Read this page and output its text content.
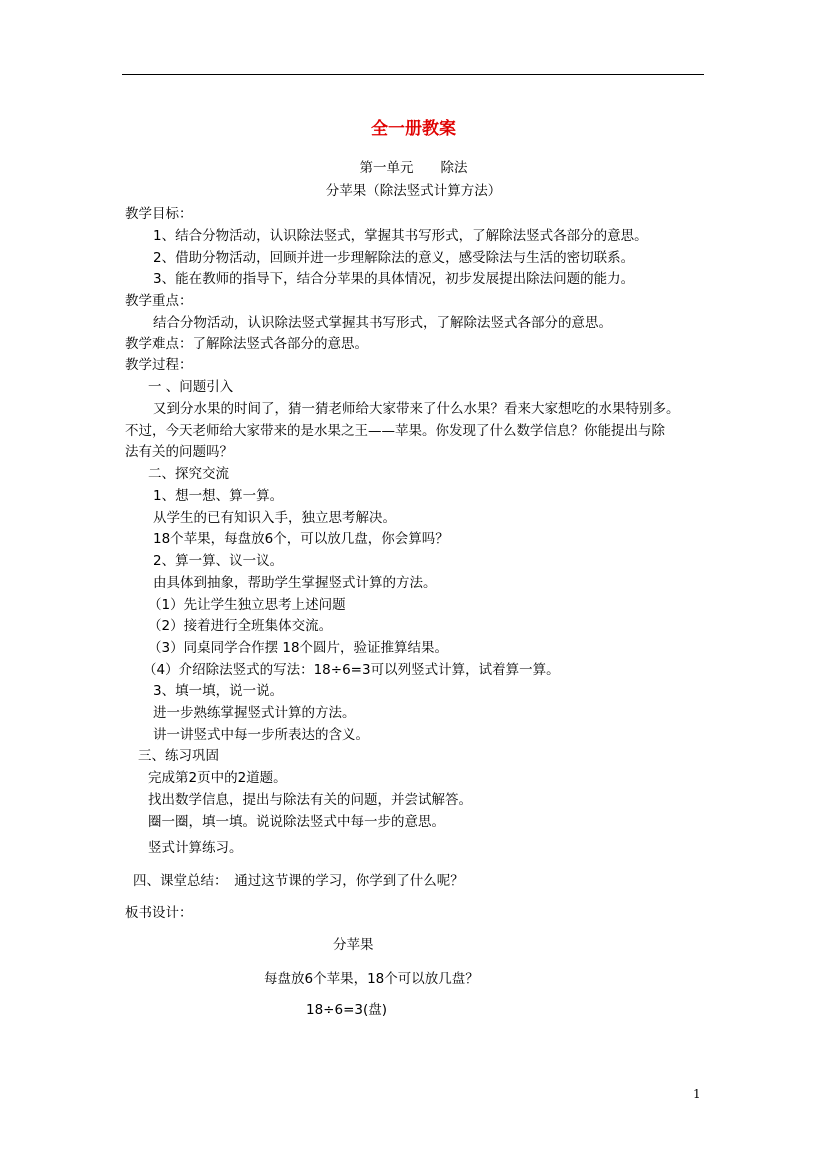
全一册教案
第一单元　　除法
分苹果（除法竖式计算方法）
教学目标：
1、结合分物活动，认识除法竖式，掌握其书写形式，了解除法竖式各部分的意思。
2、借助分物活动，回顾并进一步理解除法的意义，感受除法与生活的密切联系。
3、能在教师的指导下，结合分苹果的具体情况，初步发展提出除法问题的能力。
教学重点：
结合分物活动，认识除法竖式掌握其书写形式，了解除法竖式各部分的意思。
教学难点：了解除法竖式各部分的意思。
教学过程：
一 、问题引入
又到分水果的时间了，猜一猜老师给大家带来了什么水果？看来大家想吃的水果特别多。
不过，今天老师给大家带来的是水果之王——苹果。你发现了什么数学信息？你能提出与除
法有关的问题吗？
二、探究交流
1、想一想、算一算。
从学生的已有知识入手，独立思考解决。
18个苹果，每盘放6个，可以放几盘，你会算吗？
2、算一算、议一议。
由具体到抽象，帮助学生掌握竖式计算的方法。
（1）先让学生独立思考上述问题
（2）接着进行全班集体交流。
（3）同桌同学合作摆 18个圆片，验证推算结果。
（4）介绍除法竖式的写法：18÷6=3可以列竖式计算，试着算一算。
3、填一填，说一说。
进一步熟练掌握竖式计算的方法。
讲一讲竖式中每一步所表达的含义。
三、练习巩固
完成第2页中的2道题。
找出数学信息，提出与除法有关的问题，并尝试解答。
圈一圈，填一填。说说除法竖式中每一步的意思。
竖式计算练习。
四、课堂总结：　通过这节课的学习，你学到了什么呢？
板书设计：
分苹果
每盘放6个苹果，18个可以放几盘？
18÷6=3(盘)
1
